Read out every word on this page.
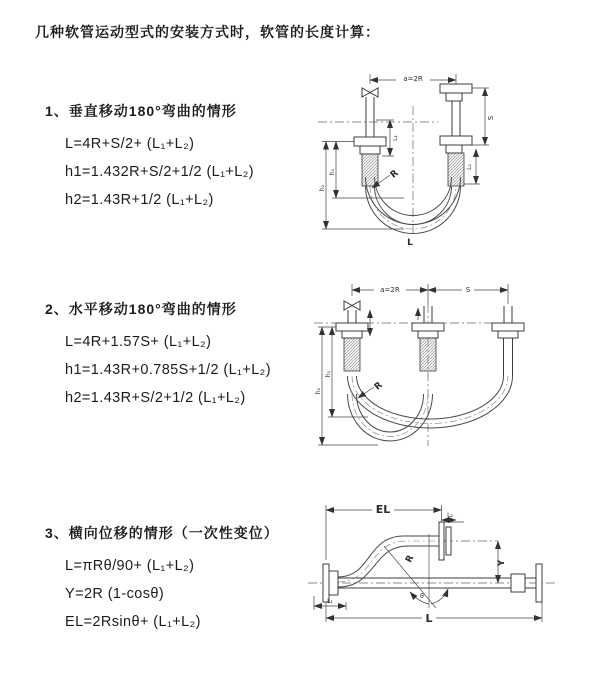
几种软管运动型式的安装方式时，软管的长度计算：
1、垂直移动180°弯曲的情形
L=4R+S/2+ (L₁+L₂)
h1=1.432R+S/2+1/2 (L₁+L₂)
h2=1.43R+1/2 (L₁+L₂)
2、水平移动180°弯曲的情形
L=4R+1.57S+ (L₁+L₂)
h1=1.43R+0.785S+1/2 (L₁+L₂)
h2=1.43R+S/2+1/2 (L₁+L₂)
3、横向位移的情形（一次性变位）
L=πRθ/90+ (L₁+L₂)
Y=2R (1-cosθ)
EL=2Rsinθ+ (L₁+L₂)
a=2R
h₁
h₂
L₁
S
L₂
R
L
a=2R	S
h₁
h₂	R
EL	L₂
Y
θ
R
L₁
L
